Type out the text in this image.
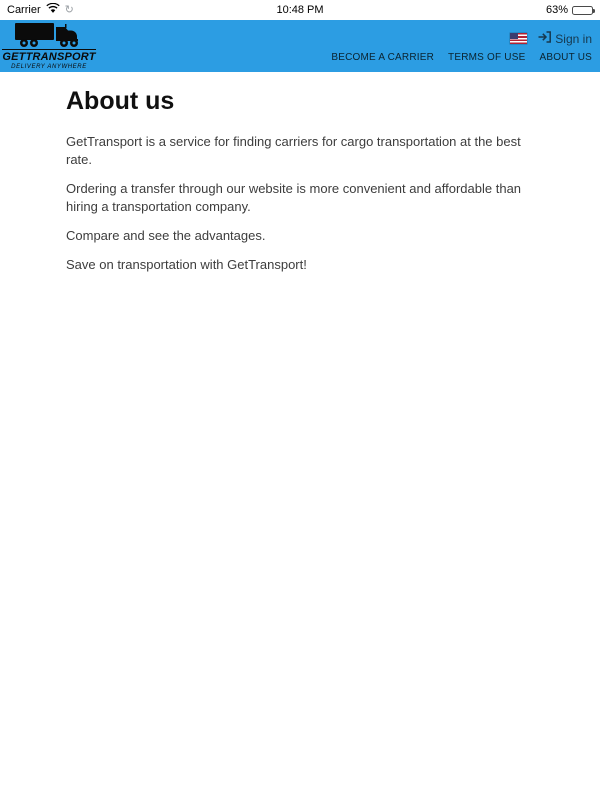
Carrier ↻	10:48 PM	63%
GETTRANSPORT
DELIVERY ANYWHERE
Sign in
BECOME A CARRIER TERMS OF USE ABOUT US
About us

GetTransport is a service for finding carriers for cargo transportation at the best rate.

Ordering a transfer through our website is more convenient and affordable than hiring a transportation company.

Compare and see the advantages.

Save on transportation with GetTransport!
